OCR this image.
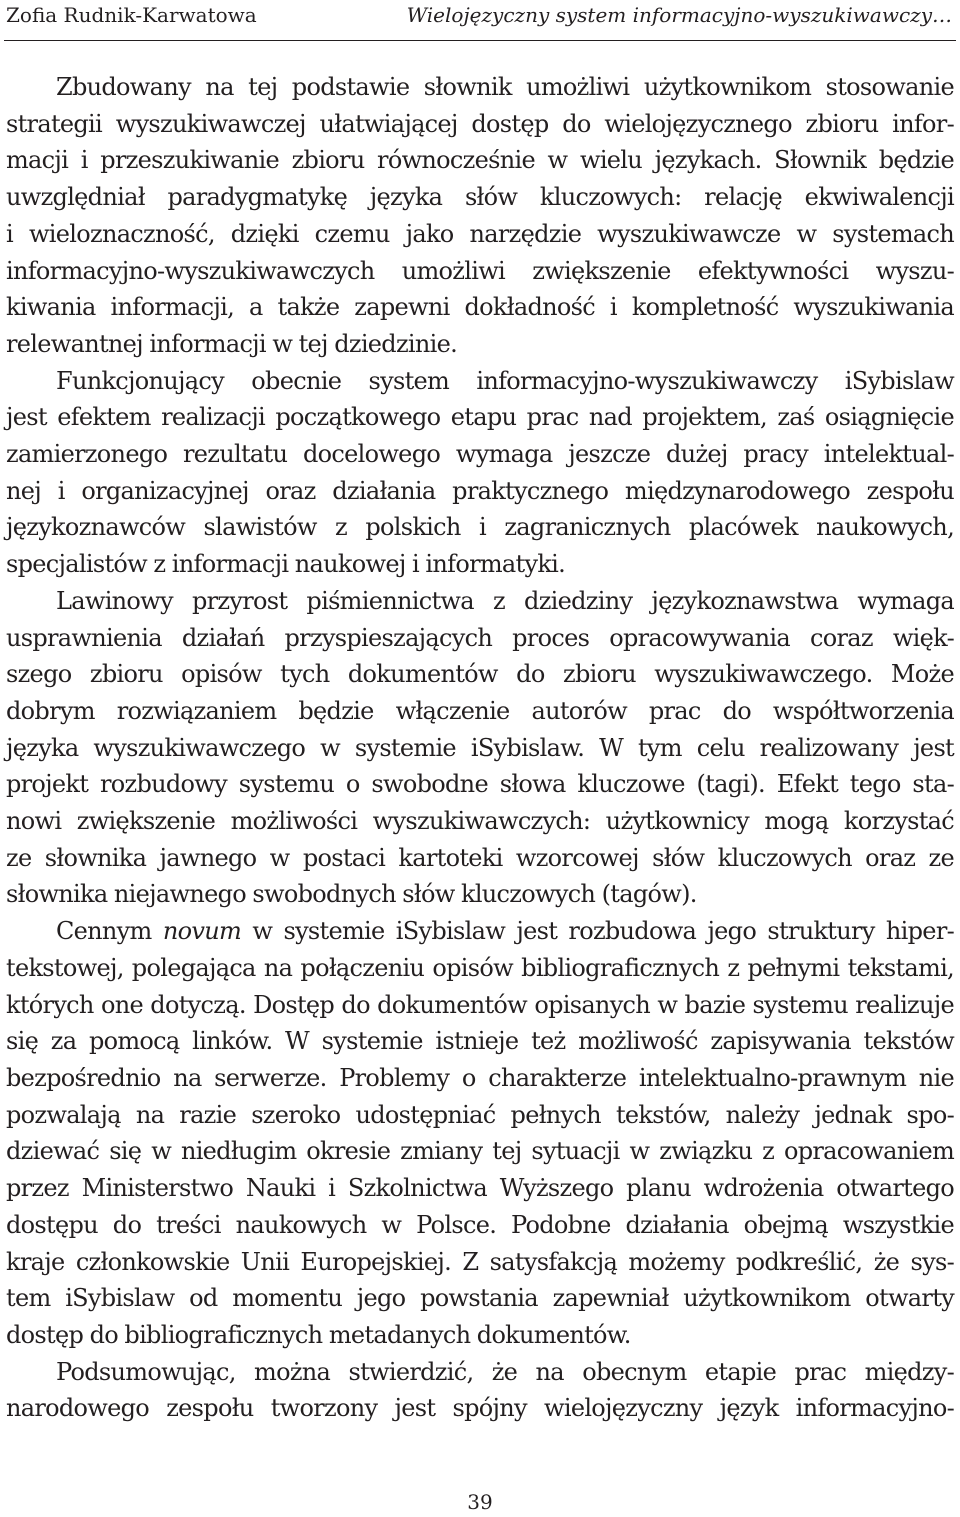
Zofia Rudnik-Karwatowa	Wielojęzyczny system informacyjno-wyszukiwawczy…
Zbudowany na tej podstawie słownik umożliwi użytkownikom stosowanie
strategii wyszukiwawczej ułatwiającej dostęp do wielojęzycznego zbioru infor-
macji i przeszukiwanie zbioru równocześnie w wielu językach. Słownik będzie
uwzględniał paradygmatykę języka słów kluczowych: relację ekwiwalencji
i wieloznaczność, dzięki czemu jako narzędzie wyszukiwawcze w systemach
informacyjno-wyszukiwawczych umożliwi zwiększenie efektywności wyszu-
kiwania informacji, a także zapewni dokładność i kompletność wyszukiwania
relewantnej informacji w tej dziedzinie.
Funkcjonujący obecnie system informacyjno-wyszukiwawczy iSybislaw
jest efektem realizacji początkowego etapu prac nad projektem, zaś osiągnięcie
zamierzonego rezultatu docelowego wymaga jeszcze dużej pracy intelektual-
nej i organizacyjnej oraz działania praktycznego międzynarodowego zespołu
językoznawców slawistów z polskich i zagranicznych placówek naukowych,
specjalistów z informacji naukowej i informatyki.
Lawinowy przyrost piśmiennictwa z dziedziny językoznawstwa wymaga
usprawnienia działań przyspieszających proces opracowywania coraz więk-
szego zbioru opisów tych dokumentów do zbioru wyszukiwawczego. Może
dobrym rozwiązaniem będzie włączenie autorów prac do współtworzenia
języka wyszukiwawczego w systemie iSybislaw. W tym celu realizowany jest
projekt rozbudowy systemu o swobodne słowa kluczowe (tagi). Efekt tego sta-
nowi zwiększenie możliwości wyszukiwawczych: użytkownicy mogą korzystać
ze słownika jawnego w postaci kartoteki wzorcowej słów kluczowych oraz ze
słownika niejawnego swobodnych słów kluczowych (tagów).
Cennym novum w systemie iSybislaw jest rozbudowa jego struktury hiper-
tekstowej, polegająca na połączeniu opisów bibliograficznych z pełnymi tekstami,
których one dotyczą. Dostęp do dokumentów opisanych w bazie systemu realizuje
się za pomocą linków. W systemie istnieje też możliwość zapisywania tekstów
bezpośrednio na serwerze. Problemy o charakterze intelektualno-prawnym nie
pozwalają na razie szeroko udostępniać pełnych tekstów, należy jednak spo-
dziewać się w niedługim okresie zmiany tej sytuacji w związku z opracowaniem
przez Ministerstwo Nauki i Szkolnictwa Wyższego planu wdrożenia otwartego
dostępu do treści naukowych w Polsce. Podobne działania obejmą wszystkie
kraje członkowskie Unii Europejskiej. Z satysfakcją możemy podkreślić, że sys-
tem iSybislaw od momentu jego powstania zapewniał użytkownikom otwarty
dostęp do bibliograficznych metadanych dokumentów.
Podsumowując, można stwierdzić, że na obecnym etapie prac między-
narodowego zespołu tworzony jest spójny wielojęzyczny język informacyjno-
39
